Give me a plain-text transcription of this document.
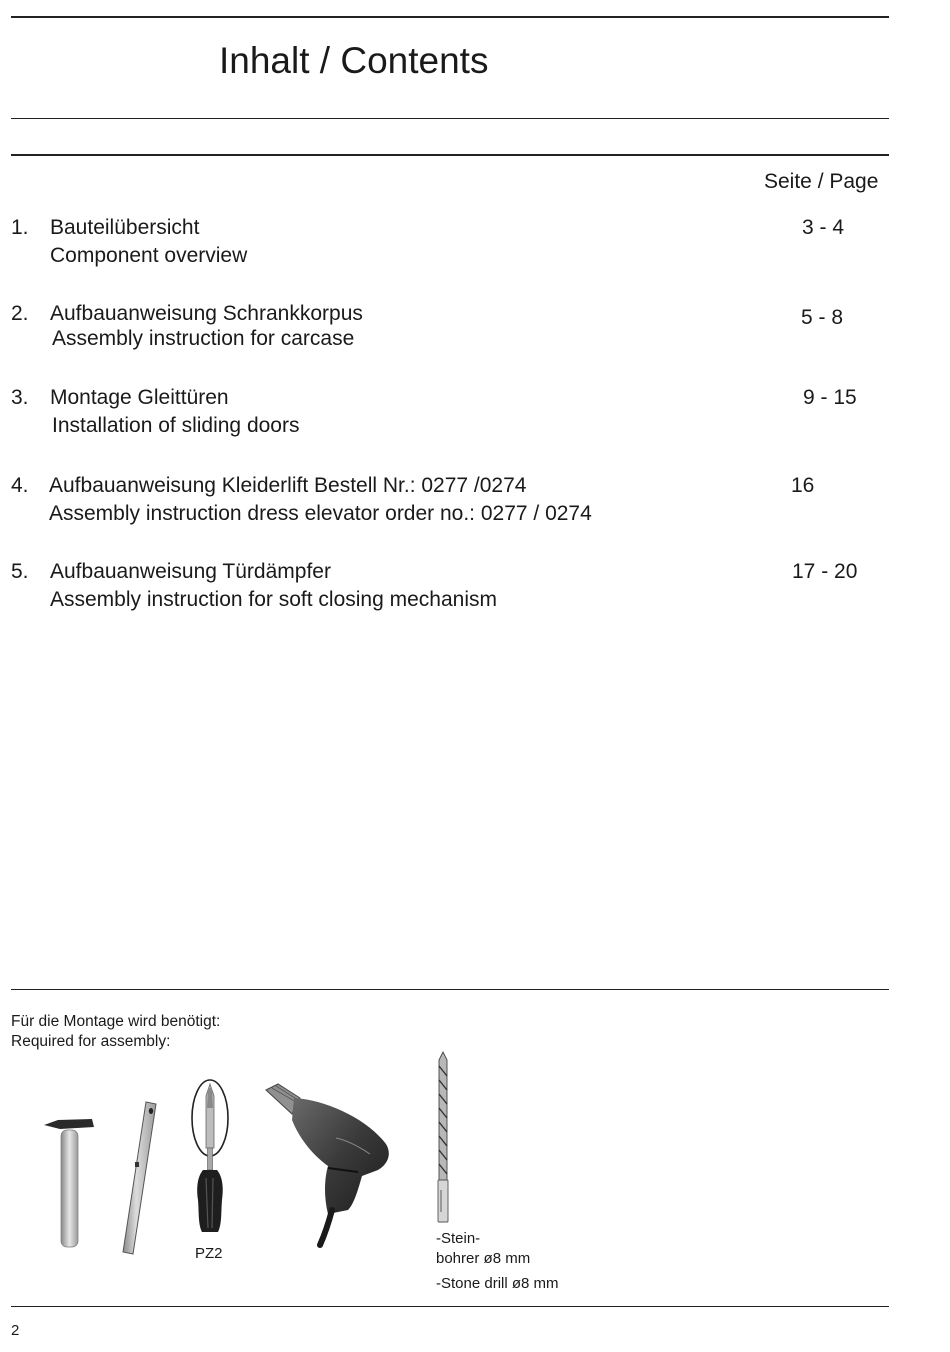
Inhalt / Contents
Seite / Page
1. Bauteilübersicht
Component overview
3 - 4
2. Aufbauanweisung Schrankkorpus
Assembly instruction for carcase
5 - 8
3. Montage Gleittüren
Installation of sliding doors
9 - 15
4. Aufbauanweisung Kleiderlift Bestell Nr.: 0277 /0274
Assembly instruction dress elevator order no.: 0277 / 0274
16
5. Aufbauanweisung Türdämpfer
Assembly instruction for soft closing mechanism
17 - 20
Für die Montage wird benötigt:
Required for assembly:
PZ2
-Stein-
bohrer ø8 mm
-Stone drill ø8 mm
2
